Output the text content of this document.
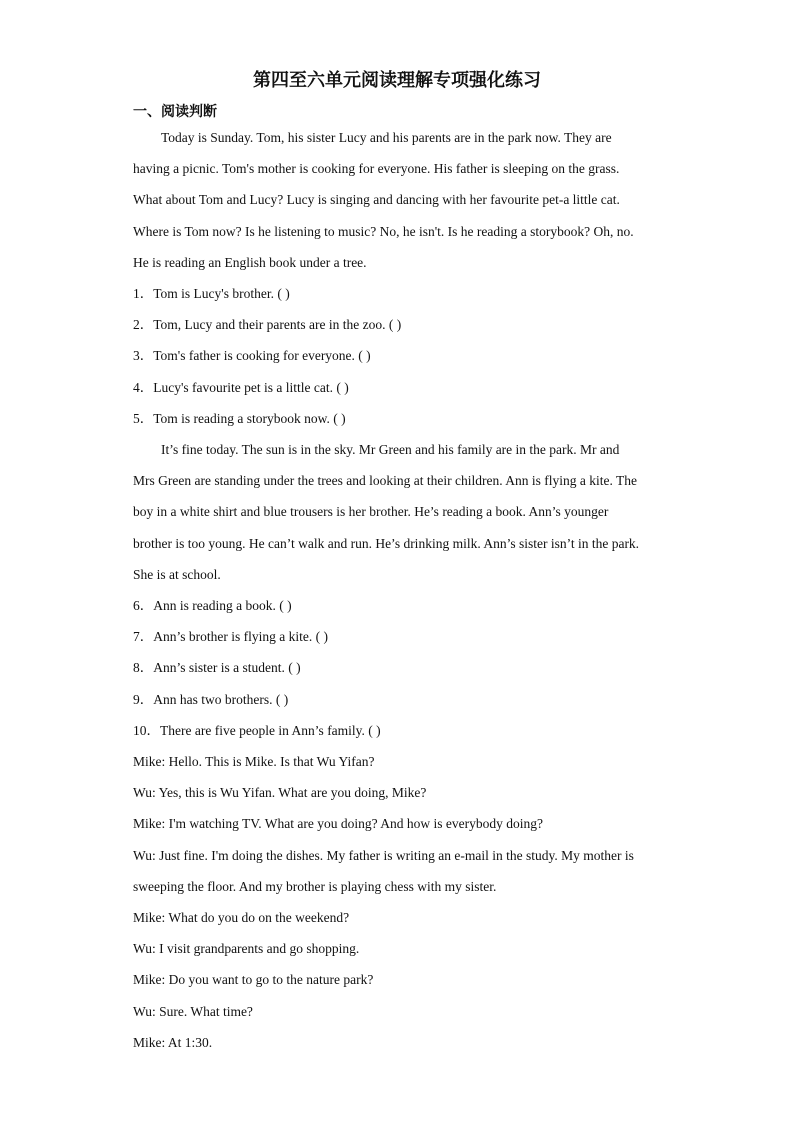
第四至六单元阅读理解专项强化练习
一、阅读判断
Today is Sunday. Tom, his sister Lucy and his parents are in the park now. They are
having a picnic. Tom's mother is cooking for everyone. His father is sleeping on the grass.
What about Tom and Lucy? Lucy is singing and dancing with her favourite pet-a little cat.
Where is Tom now? Is he listening to music? No, he isn't. Is he reading a storybook? Oh, no.
He is reading an English book under a tree.
1．Tom is Lucy's brother. ( )
2．Tom, Lucy and their parents are in the zoo. ( )
3．Tom's father is cooking for everyone. ( )
4．Lucy's favourite pet is a little cat. ( )
5．Tom is reading a storybook now. ( )
It’s fine today. The sun is in the sky. Mr Green and his family are in the park. Mr and
Mrs Green are standing under the trees and looking at their children. Ann is flying a kite. The
boy in a white shirt and blue trousers is her brother. He’s reading a book. Ann’s younger
brother is too young. He can’t walk and run. He’s drinking milk. Ann’s sister isn’t in the park.
She is at school.
6．Ann is reading a book. ( )
7．Ann’s brother is flying a kite. ( )
8．Ann’s sister is a student. ( )
9．Ann has two brothers. ( )
10．There are five people in Ann’s family. ( )
Mike: Hello. This is Mike. Is that Wu Yifan?
Wu: Yes, this is Wu Yifan. What are you doing, Mike?
Mike: I'm watching TV. What are you doing? And how is everybody doing?
Wu: Just fine. I'm doing the dishes. My father is writing an e-mail in the study. My mother is
sweeping the floor. And my brother is playing chess with my sister.
Mike: What do you do on the weekend?
Wu: I visit grandparents and go shopping.
Mike: Do you want to go to the nature park?
Wu: Sure. What time?
Mike: At 1:30.
